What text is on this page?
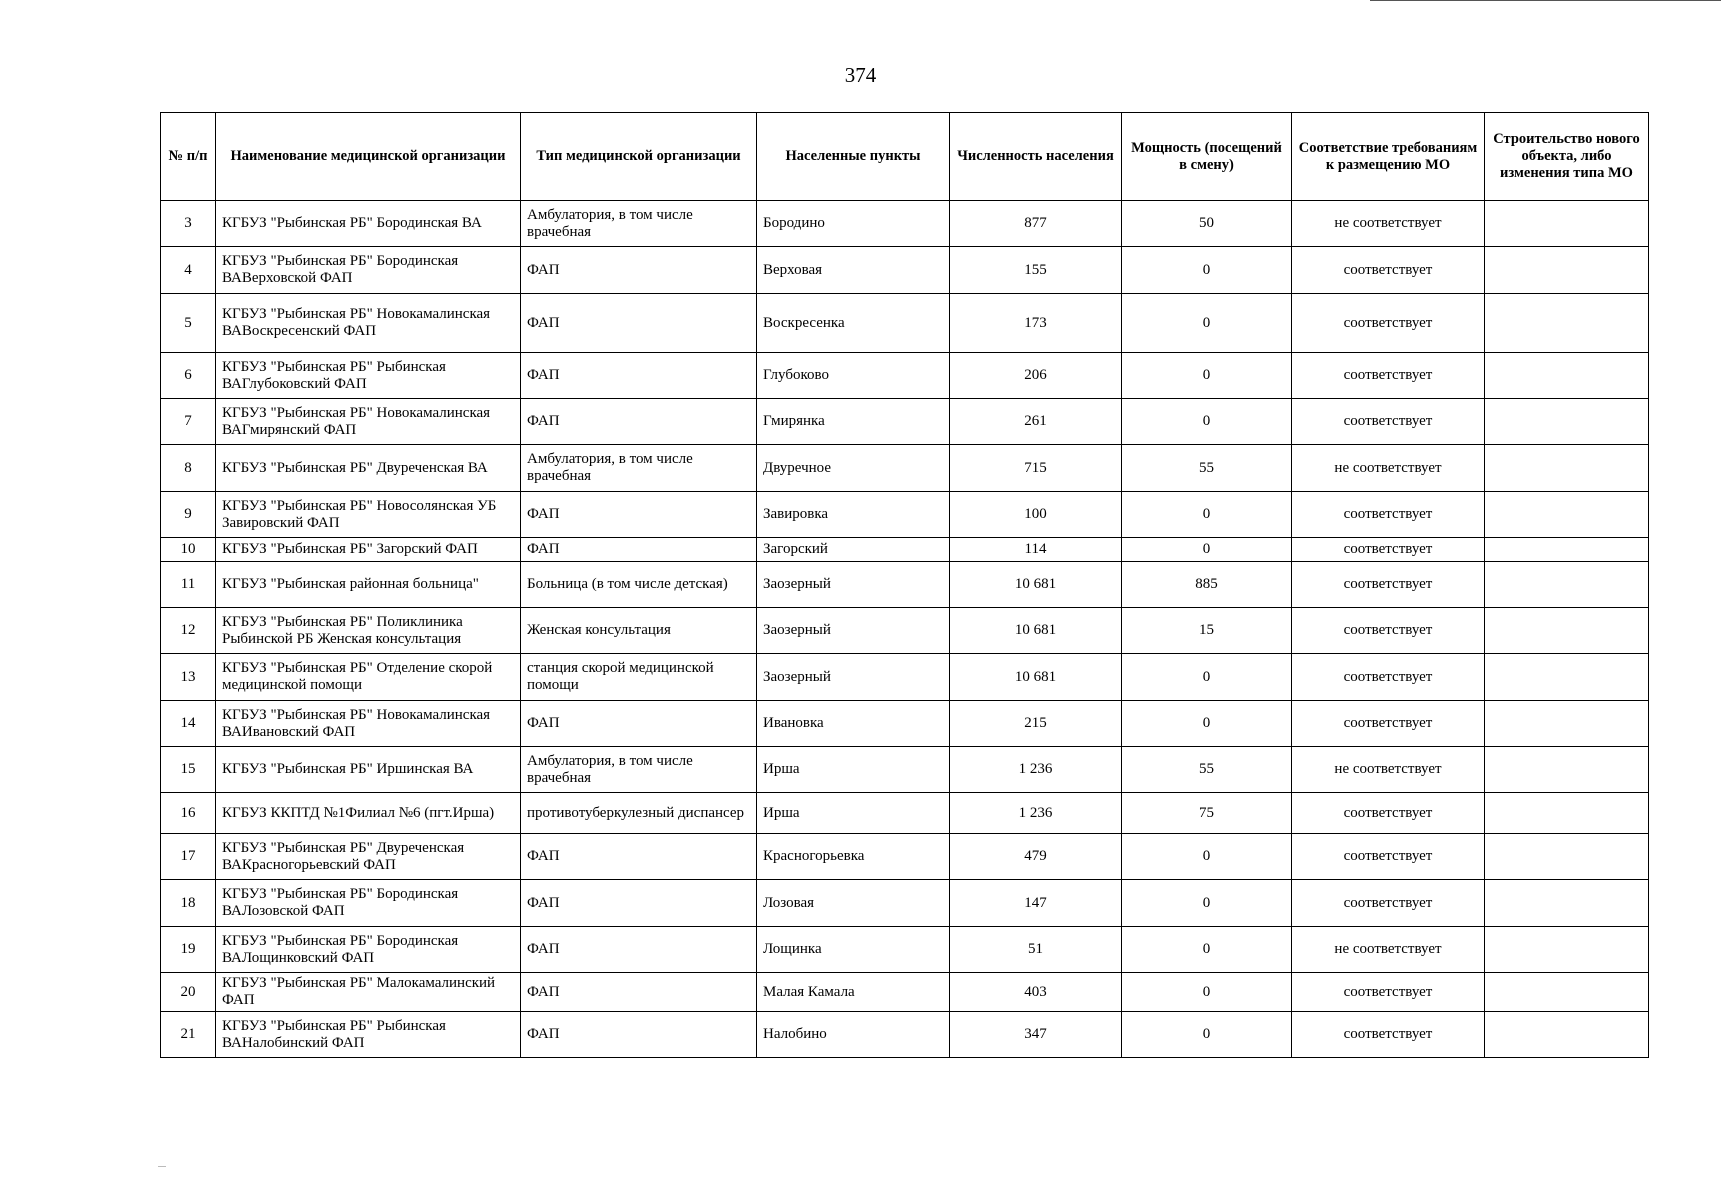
374
№ п/п	Наименование медицинской организации	Тип медицинской организации	Населенные пункты	Численность населения	Мощность (посещений в смену)	Соответствие требованиям к размещению МО	Строительство нового объекта, либо изменения типа МО
3	КГБУЗ "Рыбинская РБ" Бородинская ВА	Амбулатория, в том числе врачебная	Бородино	877	50	не соответствует	
4	КГБУЗ "Рыбинская РБ" Бородинская ВАВерховской ФАП	ФАП	Верховая	155	0	соответствует	
5	КГБУЗ "Рыбинская РБ" Новокамалинская ВАВоскресенский ФАП	ФАП	Воскресенка	173	0	соответствует	
6	КГБУЗ "Рыбинская РБ" Рыбинская ВАГлубоковский ФАП	ФАП	Глубоково	206	0	соответствует	
7	КГБУЗ "Рыбинская РБ" Новокамалинская ВАГмирянский ФАП	ФАП	Гмирянка	261	0	соответствует	
8	КГБУЗ "Рыбинская РБ" Двуреченская ВА	Амбулатория, в том числе врачебная	Двуречное	715	55	не соответствует	
9	КГБУЗ "Рыбинская РБ" Новосолянская УБ Завировский ФАП	ФАП	Завировка	100	0	соответствует	
10	КГБУЗ "Рыбинская РБ" Загорский ФАП	ФАП	Загорский	114	0	соответствует	
11	КГБУЗ "Рыбинская районная больница"	Больница (в том числе детская)	Заозерный	10 681	885	соответствует	
12	КГБУЗ "Рыбинская РБ" Поликлиника Рыбинской РБ Женская консультация	Женская консультация	Заозерный	10 681	15	соответствует	
13	КГБУЗ "Рыбинская РБ" Отделение скорой медицинской помощи	станция скорой медицинской помощи	Заозерный	10 681	0	соответствует	
14	КГБУЗ "Рыбинская РБ" Новокамалинская ВАИвановский ФАП	ФАП	Ивановка	215	0	соответствует	
15	КГБУЗ "Рыбинская РБ" Иршинская ВА	Амбулатория, в том числе врачебная	Ирша	1 236	55	не соответствует	
16	КГБУЗ ККПТД №1Филиал №6 (пгт.Ирша)	противотуберкулезный диспансер	Ирша	1 236	75	соответствует	
17	КГБУЗ "Рыбинская РБ" Двуреченская ВАКрасногорьевский ФАП	ФАП	Красногорьевка	479	0	соответствует	
18	КГБУЗ "Рыбинская РБ" Бородинская ВАЛозовской ФАП	ФАП	Лозовая	147	0	соответствует	
19	КГБУЗ "Рыбинская РБ" Бородинская ВАЛощинковский ФАП	ФАП	Лощинка	51	0	не соответствует	
20	КГБУЗ "Рыбинская РБ" Малокамалинский ФАП	ФАП	Малая Камала	403	0	соответствует	
21	КГБУЗ "Рыбинская РБ" Рыбинская ВАНалобинский ФАП	ФАП	Налобино	347	0	соответствует	
